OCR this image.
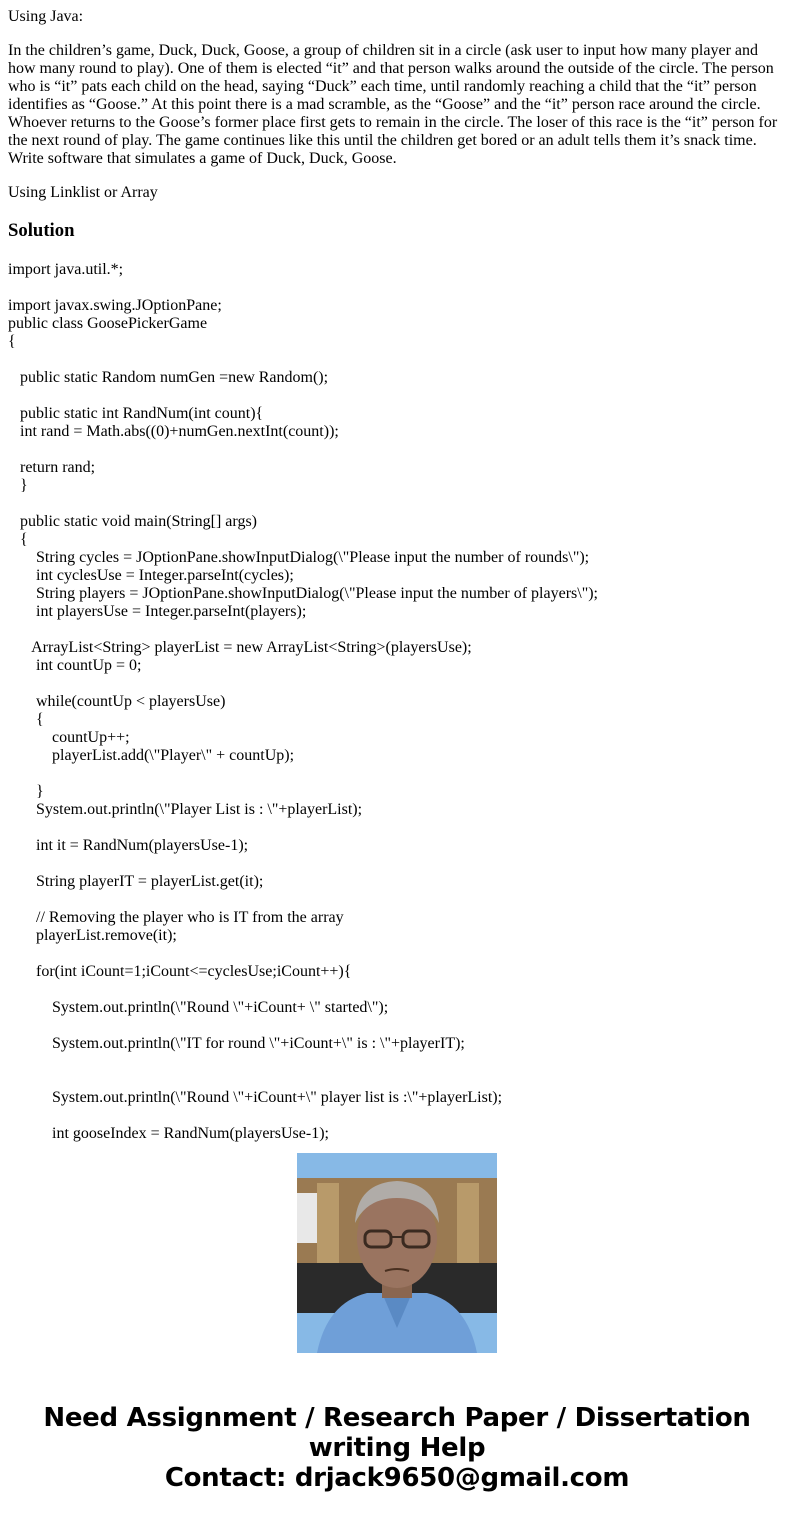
Using Java:

In the children’s game, Duck, Duck, Goose, a group of children sit in a circle (ask user to input how many player and how many round to play). One of them is elected “it” and that person walks around the outside of the circle. The person who is “it” pats each child on the head, saying “Duck” each time, until randomly reaching a child that the “it” person identifies as “Goose.” At this point there is a mad scramble, as the “Goose” and the “it” person race around the circle. Whoever returns to the Goose’s former place first gets to remain in the circle. The loser of this race is the “it” person for the next round of play. The game continues like this until the children get bored or an adult tells them it’s snack time. Write software that simulates a game of Duck, Duck, Goose.

Using Linklist or Array

Solution
import java.util.*;
import javax.swing.JOptionPane;
public class GoosePickerGame
{
public static Random numGen =new Random();
public static int RandNum(int count){
int rand = Math.abs((0)+numGen.nextInt(count));
return rand;
}
public static void main(String[] args)
{
String cycles = JOptionPane.showInputDialog(\"Please input the number of rounds\");
int cyclesUse = Integer.parseInt(cycles);
String players = JOptionPane.showInputDialog(\"Please input the number of players\");
int playersUse = Integer.parseInt(players);
ArrayList<String> playerList = new ArrayList<String>(playersUse);
int countUp = 0;
while(countUp < playersUse)
{
countUp++;
playerList.add(\"Player\" + countUp);
}
System.out.println(\"Player List is : \"+playerList);
int it = RandNum(playersUse-1);
String playerIT = playerList.get(it);
// Removing the player who is IT from the array
playerList.remove(it);
for(int iCount=1;iCount<=cyclesUse;iCount++){
System.out.println(\"Round \"+iCount+ \" started\");
System.out.println(\"IT for round \"+iCount+\" is : \"+playerIT);
System.out.println(\"Round \"+iCount+\" player list is :\"+playerList);
int gooseIndex = RandNum(playersUse-1);
Need Assignment / Research Paper / Dissertation
writing Help
Contact: drjack9650@gmail.com
